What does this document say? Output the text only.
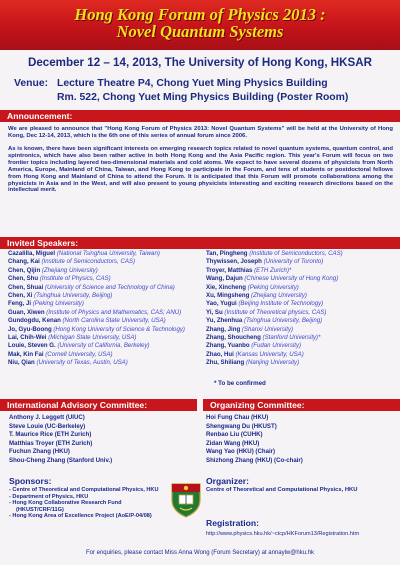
Hong Kong Forum of Physics 2013 :
Novel Quantum Systems
December 12 – 14, 2013, The University of Hong Kong, HKSAR
Venue: Lecture Theatre P4, Chong Yuet Ming Physics Building
Rm. 522, Chong Yuet Ming Physics Building (Poster Room)
Announcement:
We are pleased to announce that "Hong Kong Forum of Physics 2013: Novel Quantum Systems" will be held at the University of Hong Kong, Dec 12-14, 2013, which is the 6th one of this series of annual forum since 2006.
As is known, there have been significant interests on emerging research topics related to novel quantum systems, quantum control, and spintronics, which have also been rather active in both Hong Kong and the Asia Pacific region. This year's Forum will focus on two frontier topics including layered two-dimensional materials and cold atoms. We expect to have several dozens of physicists from North America, Europe, Mainland of China, Taiwan, and Hong Kong to participate in the Forum, and tens of students or postdoctoral fellows from Hong Kong and Mainland of China to attend the Forum. It is anticipated that this Forum will promote collaborations among the physicists in Asia and in the West, and will also present to young physicists interesting and exciting research directions based on the intellectual merit.
Invited Speakers:
Cazalilla, Miguel (National Tsinghua University, Taiwan)
Chang, Kai (Institute of Semiconductors, CAS)
Chen, Qijin (Zhejiang University)
Chen, Shu (Institute of Physics, CAS)
Chen, Shuai (University of Science and Technology of China)
Chen, Xi (Tsinghua University, Beijing)
Feng, Ji (Peking University)
Guan, Xiwen (Institute of Physics and Mathematics, CAS; ANU)
Gundogdu, Kenan (North Carolina State University, USA)
Jo, Gyu-Boong (Hong Kong University of Science & Technology)
Lai, Chih-Wei (Michigan State University, USA)
Louie, Steven G. (University of California, Berkeley)
Mak, Kin Fai (Cornell University, USA)
Niu, Qian (University of Texas, Austin, USA)
Tan, Pingheng (Institute of Semiconductors, CAS)
Thywissen, Joseph (University of Toronto)
Troyer, Matthias (ETH Zurich)*
Wang, Dajun (Chinese University of Hong Kong)
Xie, Xincheng (Peking University)
Xu, Mingsheng (Zhejiang University)
Yao, Yugui (Beijing Institute of Technology)
Yi, Su (Institute of Theoretical physics, CAS)
Yu, Zhenhua (Tsinghua University, Beijing)
Zhang, Jing (Shanxi University)
Zhang, Shoucheng (Stanford University)*
Zhang, Yuanbo (Fudan University)
Zhao, Hui (Kansas University, USA)
Zhu, Shiliang (Nanjing University)
* To be confirmed
International Advisory Committee:	Organizing Committee:
Anthony J. Leggett (UIUC)
Steve Louie (UC-Berkeley)
T. Maurice Rice (ETH Zurich)
Matthias Troyer (ETH Zurich)
Fuchun Zhang (HKU)
Shou-Cheng Zhang (Stanford Univ.)
Hoi Fung Chau (HKU)
Shengwang Du (HKUST)
Renbao Liu (CUHK)
Zidan Wang (HKU)
Wang Yao (HKU) (Chair)
Shizhong Zhang (HKU) (Co-chair)
Sponsors:
- Centre of Theoretical and Computational Physics, HKU
- Department of Physics, HKU
- Hong Kong Collaborative Research Fund (HKUST/CRF/11G)
- Hong Kong Area of Excellence Project (AoE/P-04/08)
Organizer:
Centre of Theoretical and Computational Physics, HKU
Registration:
http://www.physics.hku.hk/~ctcp/HKForum13/Registration.htm
For enquiries, please contact Miss Anna Wong (Forum Secretary) at annaylw@hku.hk
